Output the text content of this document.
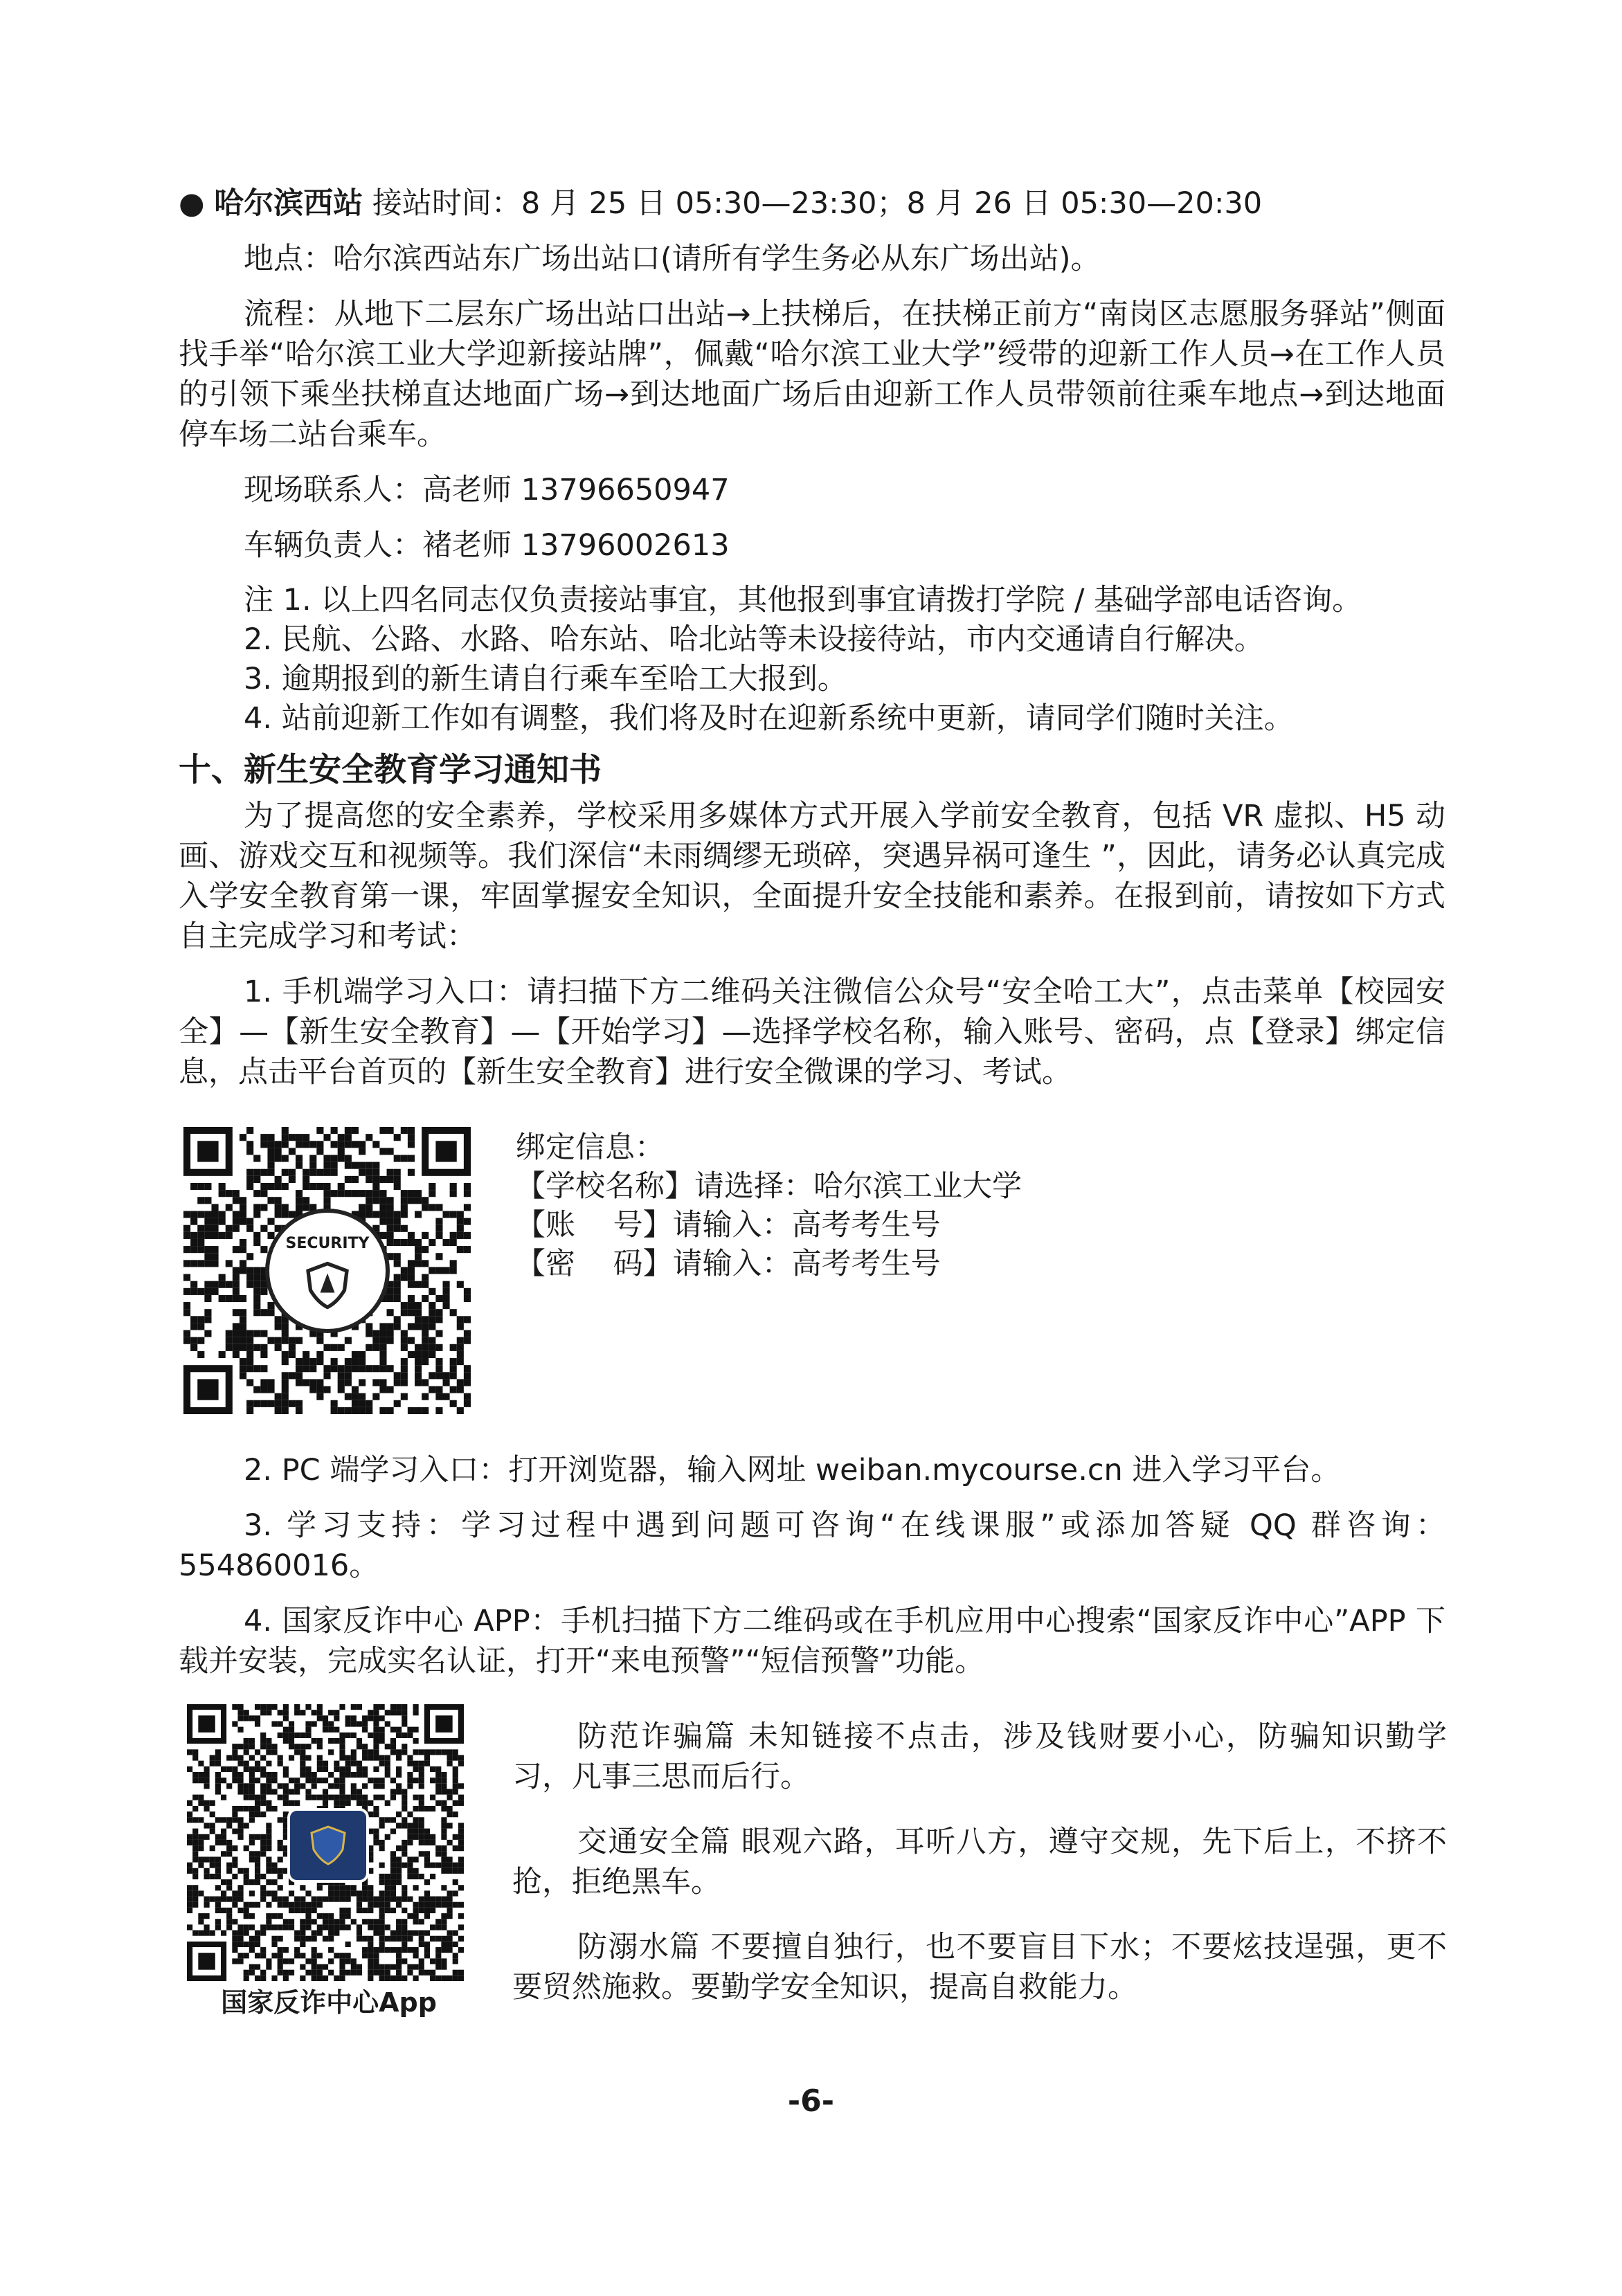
● 哈尔滨西站 接站时间：8 月 25 日 05:30—23:30；8 月 26 日 05:30—20:30

地点：哈尔滨西站东广场出站口(请所有学生务必从东广场出站)。

流程：从地下二层东广场出站口出站→上扶梯后，在扶梯正前方“南岗区志愿服务驿站”侧面找手举“哈尔滨工业大学迎新接站牌”，佩戴“哈尔滨工业大学”绶带的迎新工作人员→在工作人员的引领下乘坐扶梯直达地面广场→到达地面广场后由迎新工作人员带领前往乘车地点→到达地面停车场二站台乘车。

现场联系人：高老师 13796650947

车辆负责人：褚老师 13796002613

注 1. 以上四名同志仅负责接站事宜，其他报到事宜请拨打学院 / 基础学部电话咨询。

2. 民航、公路、水路、哈东站、哈北站等未设接待站，市内交通请自行解决。

3. 逾期报到的新生请自行乘车至哈工大报到。

4. 站前迎新工作如有调整，我们将及时在迎新系统中更新，请同学们随时关注。

十、新生安全教育学习通知书

为了提高您的安全素养，学校采用多媒体方式开展入学前安全教育，包括 VR 虚拟、H5 动画、游戏交互和视频等。我们深信“未雨绸缪无琐碎，突遇异祸可逢生 ”，因此，请务必认真完成入学安全教育第一课，牢固掌握安全知识，全面提升安全技能和素养。在报到前，请按如下方式自主完成学习和考试：

1. 手机端学习入口：请扫描下方二维码关注微信公众号“安全哈工大”，点击菜单【校园安全】—【新生安全教育】—【开始学习】—选择学校名称，输入账号、密码，点【登录】绑定信息，点击平台首页的【新生安全教育】进行安全微课的学习、考试。

SECURITY
绑定信息：
【学校名称】请选择：哈尔滨工业大学
【账    号】请输入：高考考生号
【密    码】请输入：高考考生号

2. PC 端学习入口：打开浏览器，输入网址 weiban.mycourse.cn 进入学习平台。

3. 学习支持：学习过程中遇到问题可咨询“在线课服”或添加答疑 QQ 群咨询：554860016。

4. 国家反诈中心 APP：手机扫描下方二维码或在手机应用中心搜索“国家反诈中心”APP 下载并安装，完成实名认证，打开“来电预警”“短信预警”功能。

国家反诈中心App

防范诈骗篇 未知链接不点击，涉及钱财要小心，防骗知识勤学习，凡事三思而后行。

交通安全篇 眼观六路，耳听八方，遵守交规，先下后上，不挤不抢，拒绝黑车。

防溺水篇 不要擅自独行，也不要盲目下水；不要炫技逞强，更不要贸然施救。要勤学安全知识，提高自救能力。

-6-
